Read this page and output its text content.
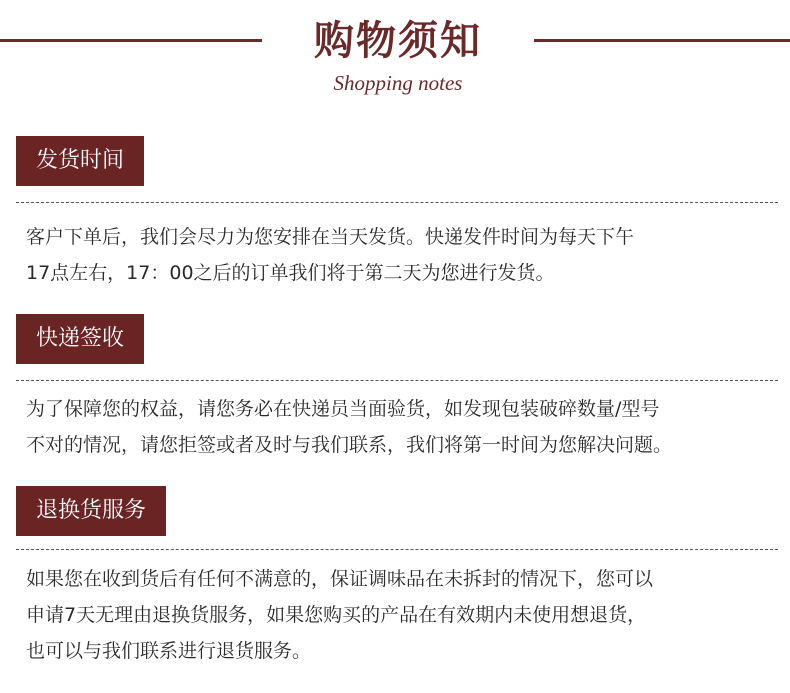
购物须知
Shopping notes
发货时间
客户下单后，我们会尽力为您安排在当天发货。快递发件时间为每天下午
17点左右，17：00之后的订单我们将于第二天为您进行发货。
快递签收
为了保障您的权益，请您务必在快递员当面验货，如发现包装破碎数量/型号
不对的情况，请您拒签或者及时与我们联系，我们将第一时间为您解决问题。
退换货服务
如果您在收到货后有任何不满意的，保证调味品在未拆封的情况下，您可以
申请7天无理由退换货服务，如果您购买的产品在有效期内未使用想退货，
也可以与我们联系进行退货服务。
